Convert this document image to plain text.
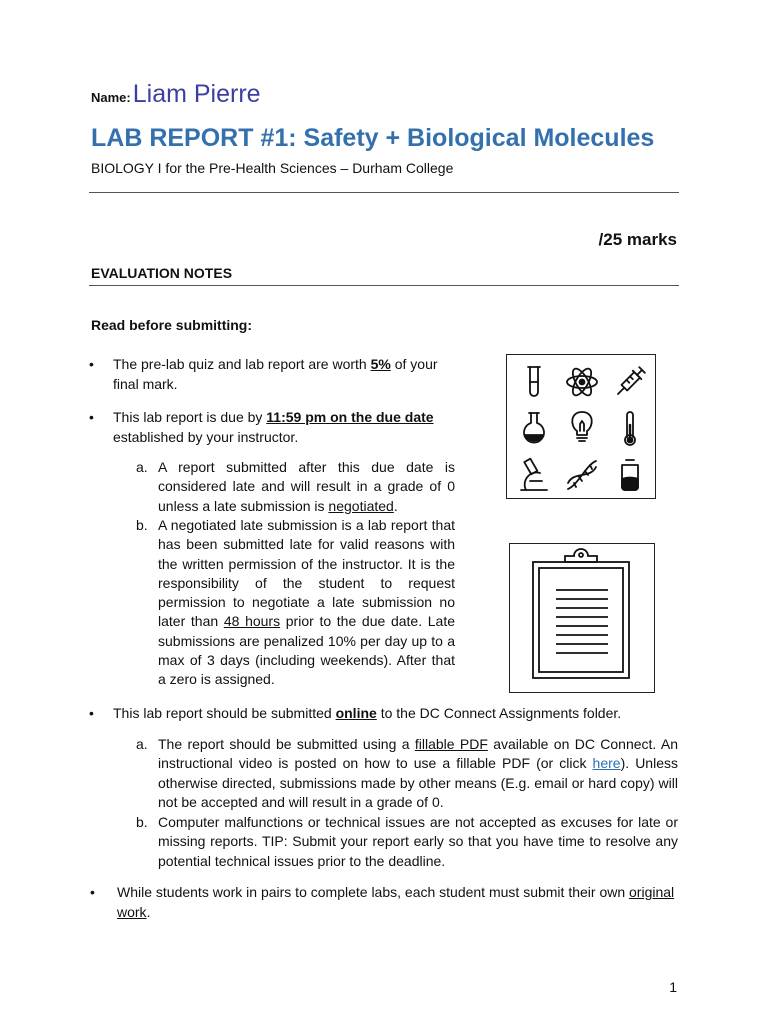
Name:Liam Pierre
LAB REPORT #1: Safety + Biological Molecules
BIOLOGY I for the Pre-Health Sciences – Durham College
/25 marks
EVALUATION NOTES
Read before submitting:
• The pre-lab quiz and lab report are worth 5% of your final mark.

• This lab report is due by 11:59 pm on the due date established by your instructor.

a. A report submitted after this due date is considered late and will result in a grade of 0 unless a late submission is negotiated.

b. A negotiated late submission is a lab report that has been submitted late for valid reasons with the written permission of the instructor. It is the responsibility of the student to request permission to negotiate a late submission no later than 48 hours prior to the due date. Late submissions are penalized 10% per day up to a max of 3 days (including weekends). After that a zero is assigned.

• This lab report should be submitted online to the DC Connect Assignments folder.

a. The report should be submitted using a fillable PDF available on DC Connect. An instructional video is posted on how to use a fillable PDF (or click here). Unless otherwise directed, submissions made by other means (E.g. email or hard copy) will not be accepted and will result in a grade of 0.

b. Computer malfunctions or technical issues are not accepted as excuses for late or missing reports. TIP: Submit your report early so that you have time to resolve any potential technical issues prior to the deadline.

• While students work in pairs to complete labs, each student must submit their own original work.

1
